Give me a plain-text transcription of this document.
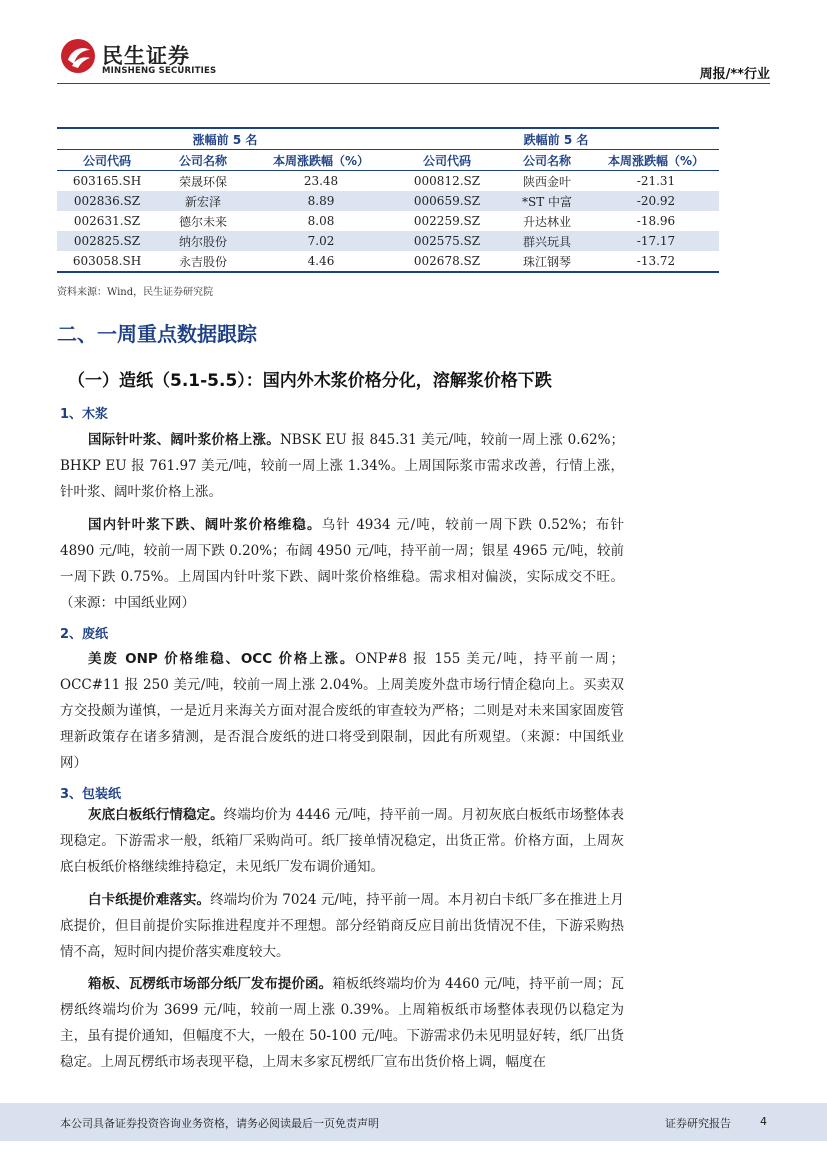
民生证券
MINSHENG SECURITIES	周报/**行业
涨幅前 5 名			跌幅前 5 名		
公司代码	公司名称	本周涨跌幅（%）	公司代码	公司名称	本周涨跌幅（%）
603165.SH	荣晟环保	23.48	000812.SZ	陕西金叶	-21.31
002836.SZ	新宏泽	8.89	000659.SZ	*ST 中富	-20.92
002631.SZ	德尔未来	8.08	002259.SZ	升达林业	-18.96
002825.SZ	纳尔股份	7.02	002575.SZ	群兴玩具	-17.17
603058.SH	永吉股份	4.46	002678.SZ	珠江钢琴	-13.72
资料来源：Wind，民生证券研究院
二、一周重点数据跟踪
（一）造纸（5.1-5.5）：国内外木浆价格分化，溶解浆价格下跌
1、木浆
国际针叶浆、阔叶浆价格上涨。NBSK EU 报 845.31 美元/吨，较前一周上涨 0.62%；BHKP EU 报 761.97 美元/吨，较前一周上涨 1.34%。上周国际浆市需求改善，行情上涨，针叶浆、阔叶浆价格上涨。
国内针叶浆下跌、阔叶浆价格维稳。乌针 4934 元/吨，较前一周下跌 0.52%；布针 4890 元/吨，较前一周下跌 0.20%；布阔 4950 元/吨，持平前一周；银星 4965 元/吨，较前一周下跌 0.75%。上周国内针叶浆下跌、阔叶浆价格维稳。需求相对偏淡，实际成交不旺。（来源：中国纸业网）
2、废纸
美废 ONP 价格维稳、OCC 价格上涨。ONP#8 报 155 美元/吨，持平前一周；OCC#11 报 250 美元/吨，较前一周上涨 2.04%。上周美废外盘市场行情企稳向上。买卖双方交投颇为谨慎，一是近月来海关方面对混合废纸的审查较为严格；二则是对未来国家固废管理新政策存在诸多猜测，是否混合废纸的进口将受到限制，因此有所观望。（来源：中国纸业网）
3、包装纸
灰底白板纸行情稳定。终端均价为 4446 元/吨，持平前一周。月初灰底白板纸市场整体表现稳定。下游需求一般，纸箱厂采购尚可。纸厂接单情况稳定，出货正常。价格方面，上周灰底白板纸价格继续维持稳定，未见纸厂发布调价通知。
白卡纸提价难落实。终端均价为 7024 元/吨，持平前一周。本月初白卡纸厂多在推进上月底提价，但目前提价实际推进程度并不理想。部分经销商反应目前出货情况不佳，下游采购热情不高，短时间内提价落实难度较大。
箱板、瓦楞纸市场部分纸厂发布提价函。箱板纸终端均价为 4460 元/吨，持平前一周；瓦楞纸终端均价为 3699 元/吨，较前一周上涨 0.39%。上周箱板纸市场整体表现仍以稳定为主，虽有提价通知，但幅度不大，一般在 50-100 元/吨。下游需求仍未见明显好转，纸厂出货稳定。上周瓦楞纸市场表现平稳，上周末多家瓦楞纸厂宣布出货价格上调，幅度在
本公司具备证券投资咨询业务资格，请务必阅读最后一页免责声明	证券研究报告	4
